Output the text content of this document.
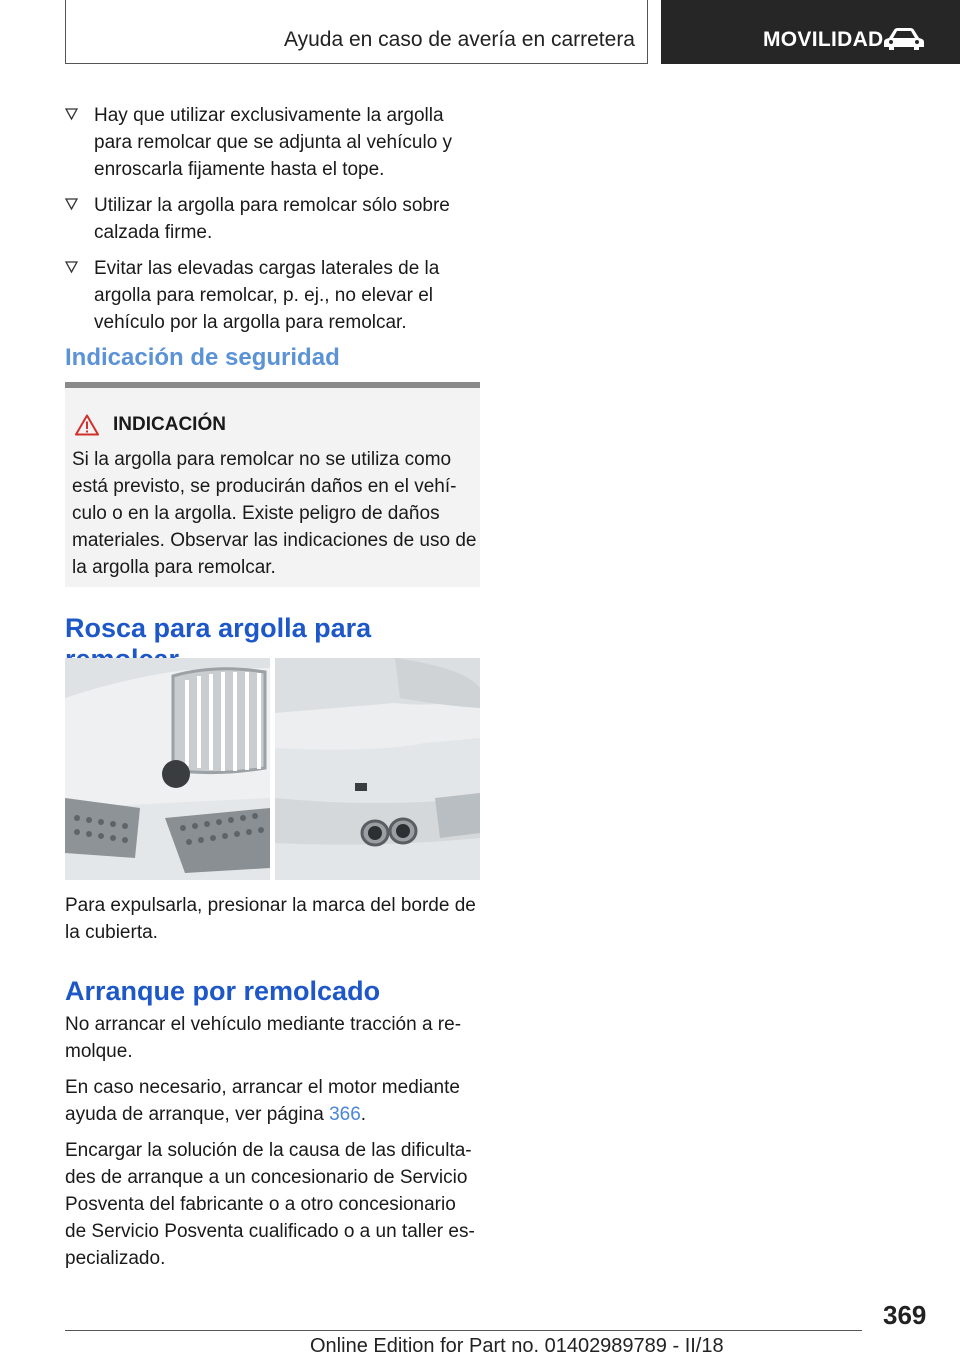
Ayuda en caso de avería en carretera	MOVILIDAD
Hay que utilizar exclusivamente la argolla para remolcar que se adjunta al vehículo y enroscarla fijamente hasta el tope.
Utilizar la argolla para remolcar sólo sobre calzada firme.
Evitar las elevadas cargas laterales de la argolla para remolcar, p. ej., no elevar el vehículo por la argolla para remolcar.
Indicación de seguridad
INDICACIÓN
Si la argolla para remolcar no se utiliza como está previsto, se producirán daños en el vehículo o en la argolla. Existe peligro de daños materiales. Observar las indicaciones de uso de la argolla para remolcar.
Rosca para argolla para

Para expulsarla, presionar la marca del borde de la cubierta.

Arranque por remolcado

No arrancar el vehículo mediante tracción a remolque.

En caso necesario, arrancar el motor mediante ayuda de arranque, ver página 366.

Encargar la solución de la causa de las dificultades de arranque a un concesionario de Servicio Posventa del fabricante o a otro concesionario de Servicio Posventa cualificado o a un taller especializado.

369
Online Edition for Part no. 01402989789 - II/18
